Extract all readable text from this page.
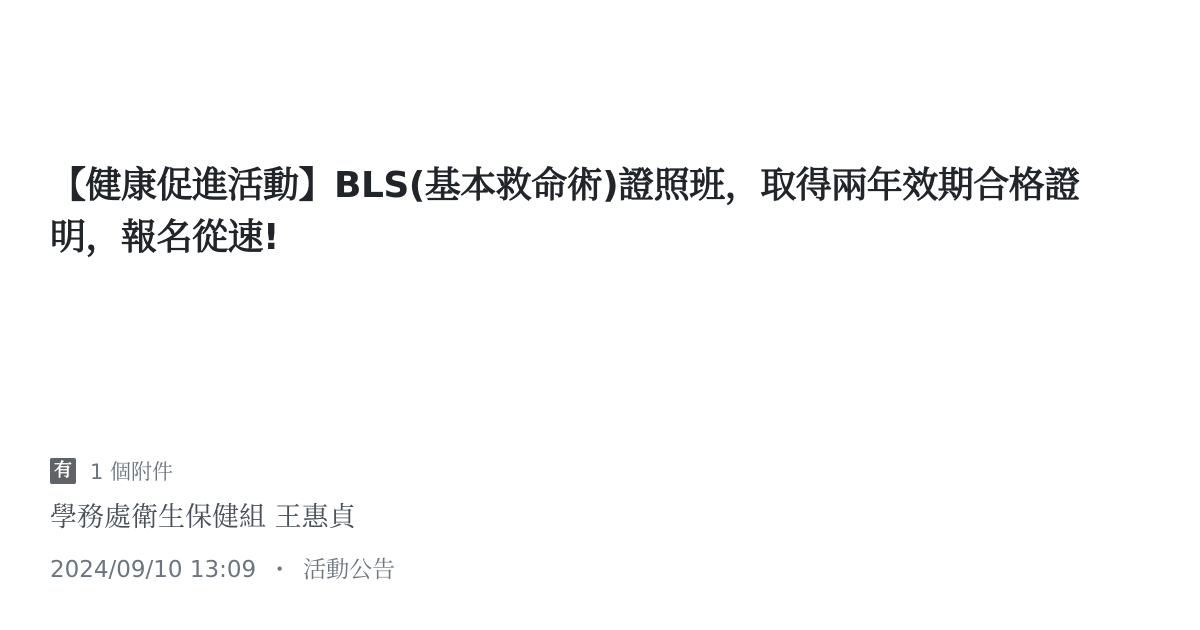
【健康促進活動】BLS(基本救命術)證照班，取得兩年效期合格證明，報名從速!
有 1 個附件
學務處衛生保健組 王惠貞
2024/09/10 13:09 ・ 活動公告
